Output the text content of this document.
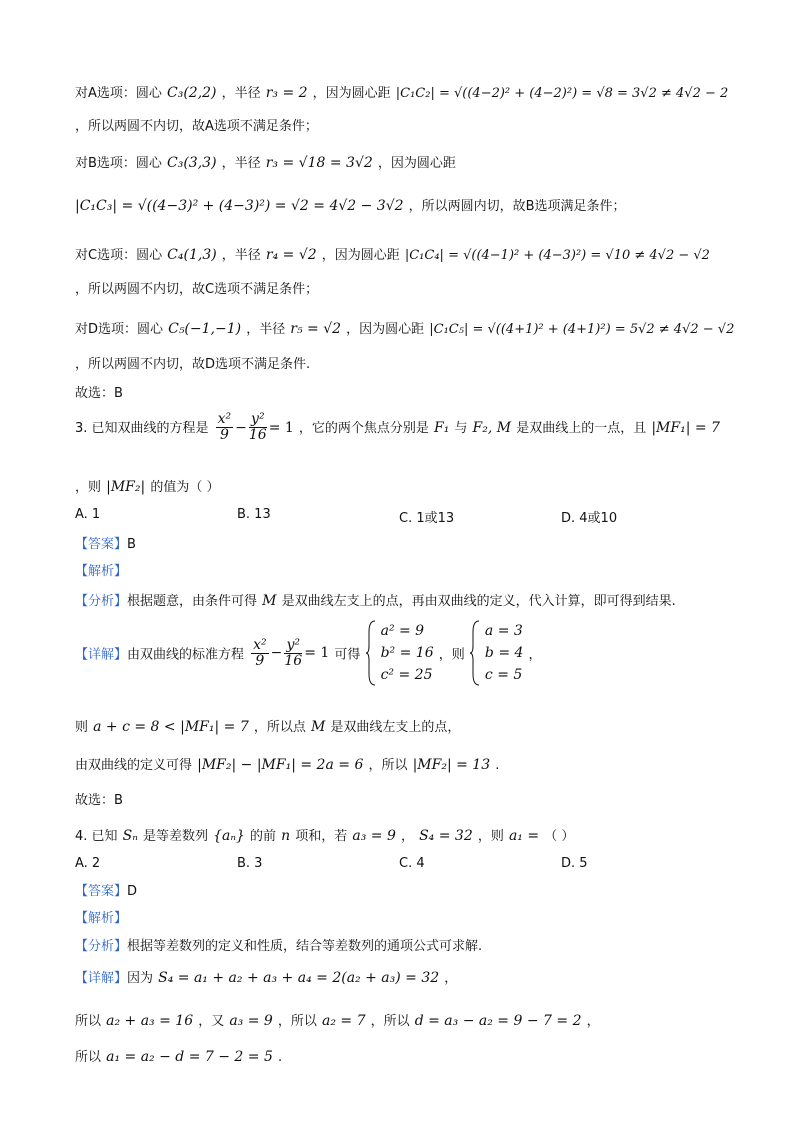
对A选项：圆心 C₃(2,2) ，半径 r₃ = 2 ，因为圆心距 |C₁C₂| = √((4−2)² + (4−2)²) = √8 = 3√2 ≠ 4√2 − 2
，所以两圆不内切，故A选项不满足条件；
对B选项：圆心 C₃(3,3) ，半径 r₃ = √18 = 3√2 ，因为圆心距
|C₁C₃| = √((4−3)² + (4−3)²) = √2 = 4√2 − 3√2 ，所以两圆内切，故B选项满足条件；
对C选项：圆心 C₄(1,3) ，半径 r₄ = √2 ，因为圆心距 |C₁C₄| = √((4−1)² + (4−3)²) = √10 ≠ 4√2 − √2
，所以两圆不内切，故C选项不满足条件；
对D选项：圆心 C₅(−1,−1) ，半径 r₅ = √2 ，因为圆心距 |C₁C₅| = √((4+1)² + (4+1)²) = 5√2 ≠ 4√2 − √2
，所以两圆不内切，故D选项不满足条件.
故选：B
3. 已知双曲线的方程是 $\frac{\text{x²}}{9} - \frac{\text{y²}}{16} = 1$ ，它的两个焦点分别是 F₁ 与 F₂, M 是双曲线上的一点，且 |MF₁| = 7
，则 |MF₂| 的值为（ ）
A. 1	B. 13	C. 1或13	D. 4或10
【答案】B
【解析】
【分析】根据题意，由条件可得 M 是双曲线左支上的点，再由双曲线的定义，代入计算，即可得到结果.
【详解】由双曲线的标准方程 $\frac{\text{x²}}{9} - \frac{\text{y²}}{16} = 1$ 可得
a² = 9
b² = 16
c² = 25
，则
a = 3
b = 4
c = 5
，
则 a + c = 8 < |MF₁| = 7 ，所以点 M 是双曲线左支上的点，
由双曲线的定义可得 |MF₂| − |MF₁| = 2a = 6 ，所以 |MF₂| = 13 .
故选：B
4. 已知 Sₙ 是等差数列 {aₙ} 的前 n 项和，若 a₃ = 9 ， S₄ = 32 ，则 a₁ = （ ）
A. 2	B. 3	C. 4	D. 5
【答案】D
【解析】
【分析】根据等差数列的定义和性质，结合等差数列的通项公式可求解.
【详解】因为 S₄ = a₁ + a₂ + a₃ + a₄ = 2(a₂ + a₃) = 32 ，
所以 a₂ + a₃ = 16 ，又 a₃ = 9 ，所以 a₂ = 7 ，所以 d = a₃ − a₂ = 9 − 7 = 2 ，
所以 a₁ = a₂ − d = 7 − 2 = 5 .
